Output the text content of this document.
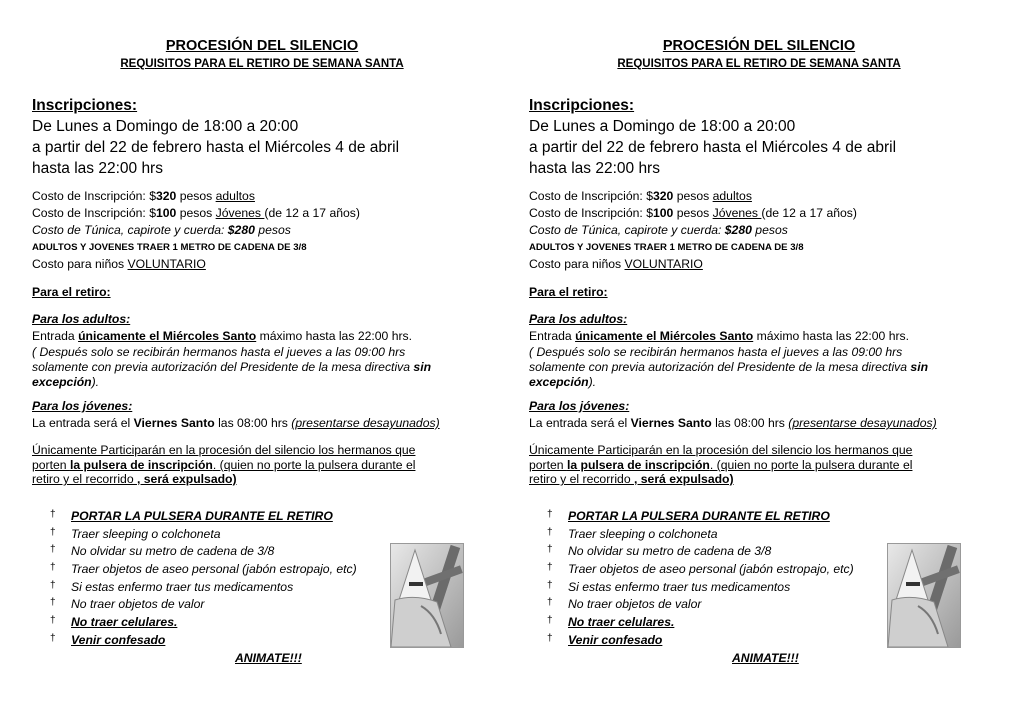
PROCESIÓN DEL SILENCIO
REQUISITOS PARA EL RETIRO DE SEMANA SANTA
Inscripciones:
De Lunes a Domingo de 18:00 a 20:00
a partir del 22 de febrero hasta el Miércoles 4 de abril
hasta las 22:00 hrs
Costo de Inscripción: $320 pesos adultos
Costo de Inscripción: $100 pesos Jóvenes (de 12 a 17 años)
Costo de Túnica, capirote y cuerda: $280 pesos
ADULTOS Y JOVENES TRAER 1 METRO DE CADENA DE 3/8
Costo para niños VOLUNTARIO
Para el retiro:
Para los adultos:
Entrada únicamente el Miércoles Santo máximo hasta las 22:00 hrs.
( Después solo se recibirán hermanos hasta el jueves a las 09:00 hrs
solamente con previa autorización del Presidente de la mesa directiva sin
excepción).
Para los jóvenes:
La entrada será el Viernes Santo las 08:00 hrs (presentarse desayunados)
Únicamente Participarán en la procesión del silencio los hermanos que
porten la pulsera de inscripción. (quien no porte la pulsera durante el
retiro y el recorrido , será expulsado)
† PORTAR LA PULSERA DURANTE EL RETIRO
† Traer sleeping o colchoneta
† No olvidar su metro de cadena de 3/8
† Traer objetos de aseo personal (jabón estropajo, etc)
† Si estas enfermo traer tus medicamentos
† No traer objetos de valor
† No traer celulares.
† Venir confesado
ANIMATE!!!
PROCESIÓN DEL SILENCIO
REQUISITOS PARA EL RETIRO DE SEMANA SANTA
Inscripciones:
De Lunes a Domingo de 18:00 a 20:00
a partir del 22 de febrero hasta el Miércoles 4 de abril
hasta las 22:00 hrs
Costo de Inscripción: $320 pesos adultos
Costo de Inscripción: $100 pesos Jóvenes (de 12 a 17 años)
Costo de Túnica, capirote y cuerda: $280 pesos
ADULTOS Y JOVENES TRAER 1 METRO DE CADENA DE 3/8
Costo para niños VOLUNTARIO
Para el retiro:
Para los adultos:
Entrada únicamente el Miércoles Santo máximo hasta las 22:00 hrs.
( Después solo se recibirán hermanos hasta el jueves a las 09:00 hrs
solamente con previa autorización del Presidente de la mesa directiva sin
excepción).
Para los jóvenes:
La entrada será el Viernes Santo las 08:00 hrs (presentarse desayunados)
Únicamente Participarán en la procesión del silencio los hermanos que
porten la pulsera de inscripción. (quien no porte la pulsera durante el
retiro y el recorrido , será expulsado)
† PORTAR LA PULSERA DURANTE EL RETIRO
† Traer sleeping o colchoneta
† No olvidar su metro de cadena de 3/8
† Traer objetos de aseo personal (jabón estropajo, etc)
† Si estas enfermo traer tus medicamentos
† No traer objetos de valor
† No traer celulares.
† Venir confesado
ANIMATE!!!
